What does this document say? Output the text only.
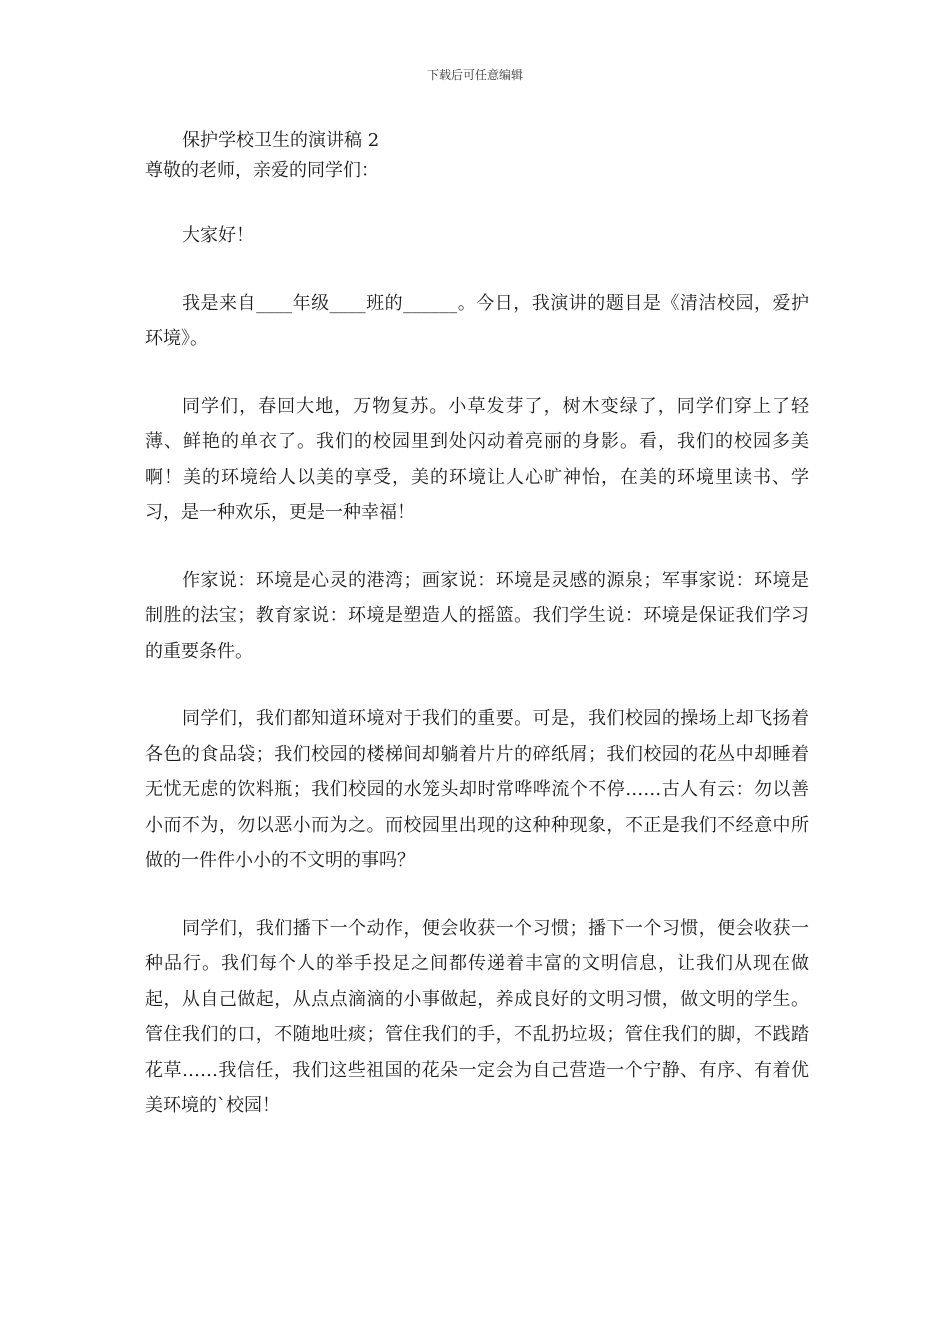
下载后可任意编辑

保护学校卫生的演讲稿 2

尊敬的老师，亲爱的同学们：

大家好！

我是来自____年级____班的______。今日，我演讲的题目是《清洁校园，爱护环境》。

同学们，春回大地，万物复苏。小草发芽了，树木变绿了，同学们穿上了轻薄、鲜艳的单衣了。我们的校园里到处闪动着亮丽的身影。看，我们的校园多美啊！美的环境给人以美的享受，美的环境让人心旷神怡，在美的环境里读书、学习，是一种欢乐，更是一种幸福！

作家说：环境是心灵的港湾；画家说：环境是灵感的源泉；军事家说：环境是制胜的法宝；教育家说：环境是塑造人的摇篮。我们学生说：环境是保证我们学习的重要条件。

同学们，我们都知道环境对于我们的重要。可是，我们校园的操场上却飞扬着各色的食品袋；我们校园的楼梯间却躺着片片的碎纸屑；我们校园的花丛中却睡着无忧无虑的饮料瓶；我们校园的水笼头却时常哗哗流个不停……古人有云：勿以善小而不为，勿以恶小而为之。而校园里出现的这种种现象，不正是我们不经意中所做的一件件小小的不文明的事吗？

同学们，我们播下一个动作，便会收获一个习惯；播下一个习惯，便会收获一种品行。我们每个人的举手投足之间都传递着丰富的文明信息，让我们从现在做起，从自己做起，从点点滴滴的小事做起，养成良好的文明习惯，做文明的学生。管住我们的口，不随地吐痰；管住我们的手，不乱扔垃圾；管住我们的脚，不践踏花草……我信任，我们这些祖国的花朵一定会为自己营造一个宁静、有序、有着优美环境的`校园！
